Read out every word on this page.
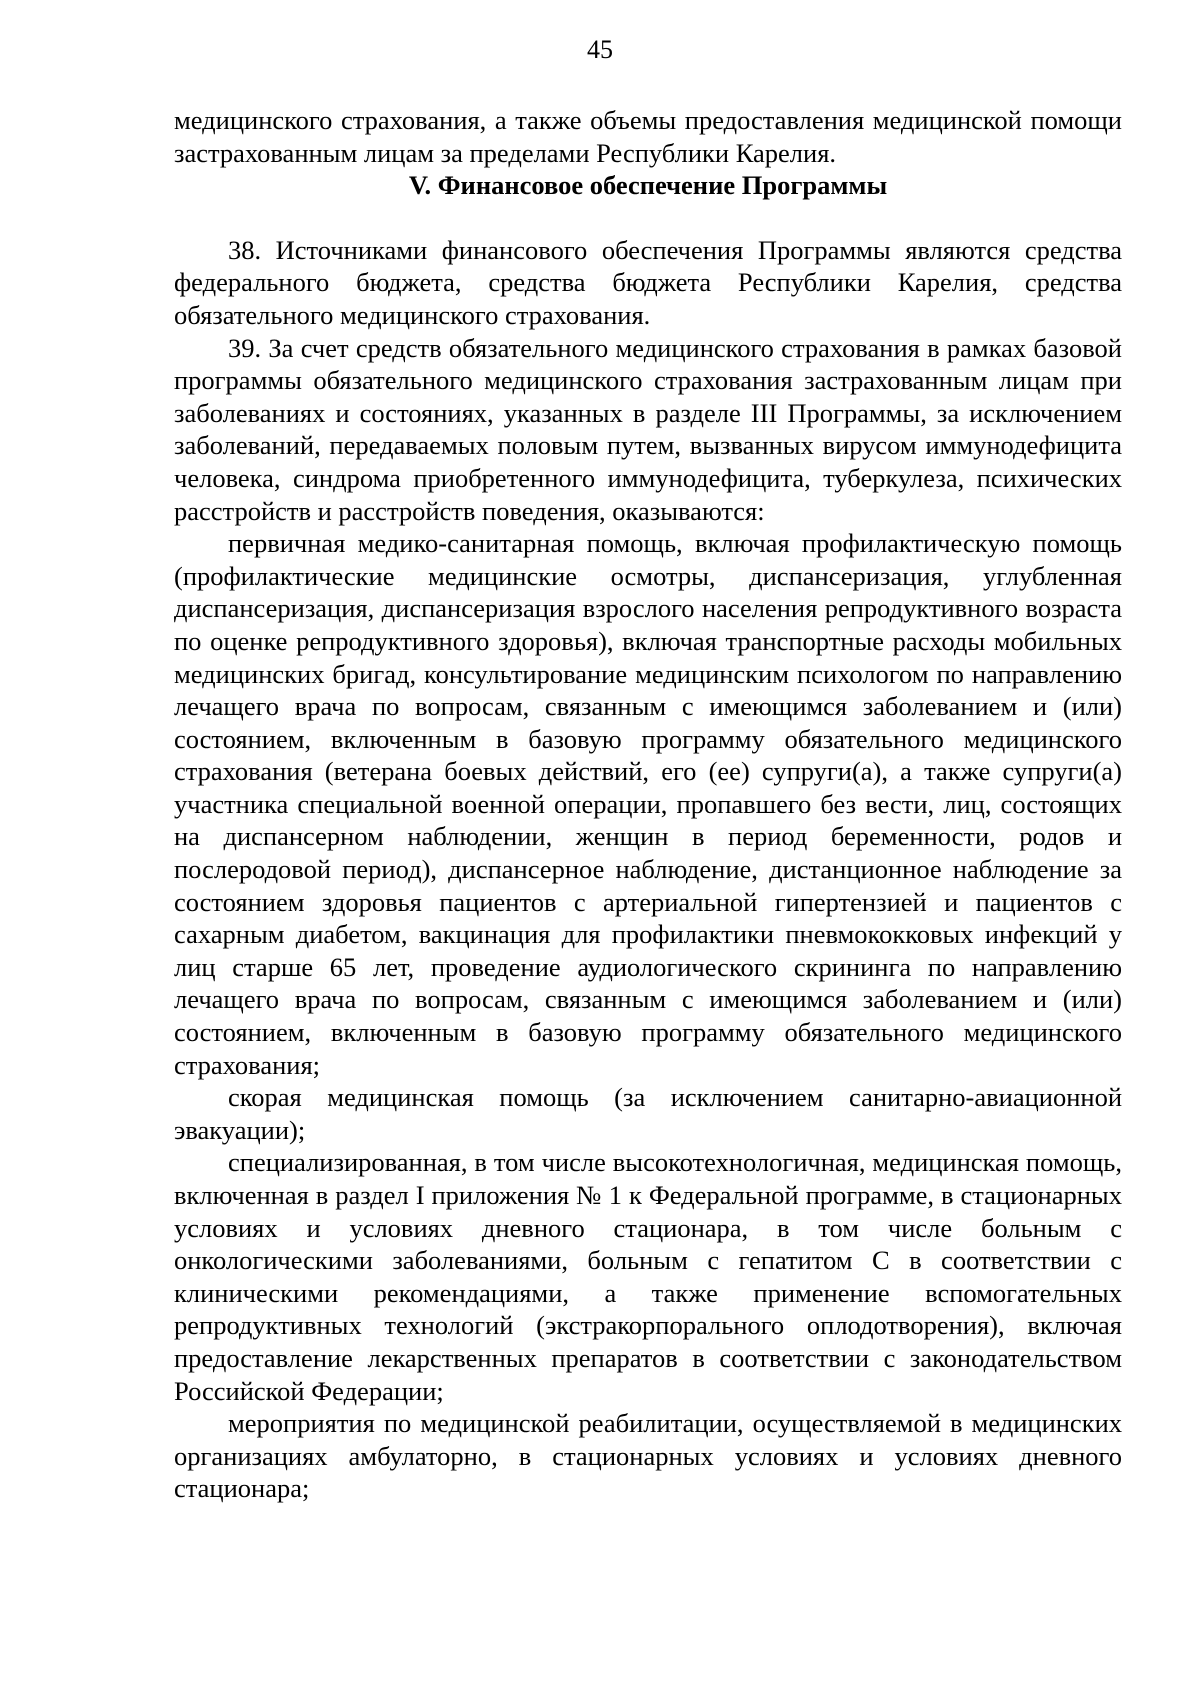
45

медицинского страхования, а также объемы предоставления медицинской помощи застрахованным лицам за пределами Республики Карелия.

V. Финансовое обеспечение Программы

38. Источниками финансового обеспечения Программы являются средства федерального бюджета, средства бюджета Республики Карелия, средства обязательного медицинского страхования.

39. За счет средств обязательного медицинского страхования в рамках базовой программы обязательного медицинского страхования застрахованным лицам при заболеваниях и состояниях, указанных в разделе III Программы, за исключением заболеваний, передаваемых половым путем, вызванных вирусом иммунодефицита человека, синдрома приобретенного иммунодефицита, туберкулеза, психических расстройств и расстройств поведения, оказываются:

первичная медико-санитарная помощь, включая профилактическую помощь (профилактические медицинские осмотры, диспансеризация, углубленная диспансеризация, диспансеризация взрослого населения репродуктивного возраста по оценке репродуктивного здоровья), включая транспортные расходы мобильных медицинских бригад, консультирование медицинским психологом по направлению лечащего врача по вопросам, связанным с имеющимся заболеванием и (или) состоянием, включенным в базовую программу обязательного медицинского страхования (ветерана боевых действий, его (ее) супруги(а), а также супруги(а) участника специальной военной операции, пропавшего без вести, лиц, состоящих на диспансерном наблюдении, женщин в период беременности, родов и послеродовой период), диспансерное наблюдение, дистанционное наблюдение за состоянием здоровья пациентов с артериальной гипертензией и пациентов с сахарным диабетом, вакцинация для профилактики пневмококковых инфекций у лиц старше 65 лет, проведение аудиологического скрининга по направлению лечащего врача по вопросам, связанным с имеющимся заболеванием и (или) состоянием, включенным в базовую программу обязательного медицинского страхования;

скорая медицинская помощь (за исключением санитарно-авиационной эвакуации);

специализированная, в том числе высокотехнологичная, медицинская помощь, включенная в раздел I приложения № 1 к Федеральной программе, в стационарных условиях и условиях дневного стационара, в том числе больным с онкологическими заболеваниями, больным с гепатитом С в соответствии с клиническими рекомендациями, а также применение вспомогательных репродуктивных технологий (экстракорпорального оплодотворения), включая предоставление лекарственных препаратов в соответствии с законодательством Российской Федерации;

мероприятия по медицинской реабилитации, осуществляемой в медицинских организациях амбулаторно, в стационарных условиях и условиях дневного стационара;
